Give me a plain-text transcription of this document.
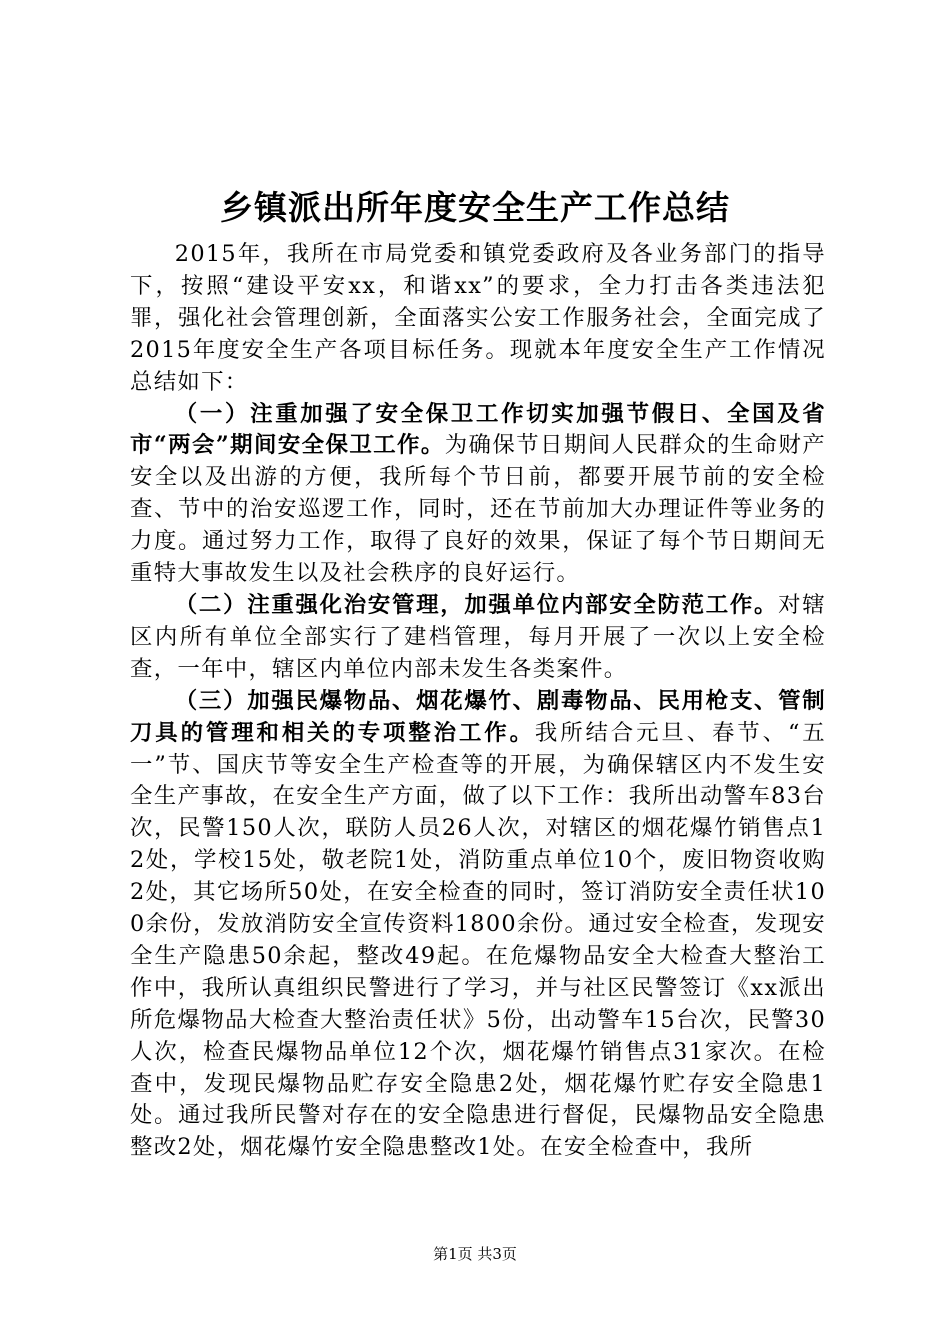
乡镇派出所年度安全生产工作总结

2015年，我所在市局党委和镇党委政府及各业务部门的指导下，按照“建设平安xx，和谐xx”的要求，全力打击各类违法犯罪，强化社会管理创新，全面落实公安工作服务社会，全面完成了2015年度安全生产各项目标任务。现就本年度安全生产工作情况总结如下：

（一）注重加强了安全保卫工作切实加强节假日、全国及省市“两会”期间安全保卫工作。为确保节日期间人民群众的生命财产安全以及出游的方便，我所每个节日前，都要开展节前的安全检查、节中的治安巡逻工作，同时，还在节前加大办理证件等业务的力度。通过努力工作，取得了良好的效果，保证了每个节日期间无重特大事故发生以及社会秩序的良好运行。

（二）注重强化治安管理，加强单位内部安全防范工作。对辖区内所有单位全部实行了建档管理，每月开展了一次以上安全检查，一年中，辖区内单位内部未发生各类案件。

（三）加强民爆物品、烟花爆竹、剧毒物品、民用枪支、管制刀具的管理和相关的专项整治工作。我所结合元旦、春节、“五一”节、国庆节等安全生产检查等的开展，为确保辖区内不发生安全生产事故，在安全生产方面，做了以下工作：我所出动警车83台次，民警150人次，联防人员26人次，对辖区的烟花爆竹销售点12处，学校15处，敬老院1处，消防重点单位10个，废旧物资收购2处，其它场所50处，在安全检查的同时，签订消防安全责任状100余份，发放消防安全宣传资料1800余份。通过安全检查，发现安全生产隐患50余起，整改49起。在危爆物品安全大检查大整治工作中，我所认真组织民警进行了学习，并与社区民警签订《xx派出所危爆物品大检查大整治责任状》5份，出动警车15台次，民警30人次，检查民爆物品单位12个次，烟花爆竹销售点31家次。在检查中，发现民爆物品贮存安全隐患2处，烟花爆竹贮存安全隐患1处。通过我所民警对存在的安全隐患进行督促，民爆物品安全隐患整改2处，烟花爆竹安全隐患整改1处。在安全检查中，我所

第1页 共3页
